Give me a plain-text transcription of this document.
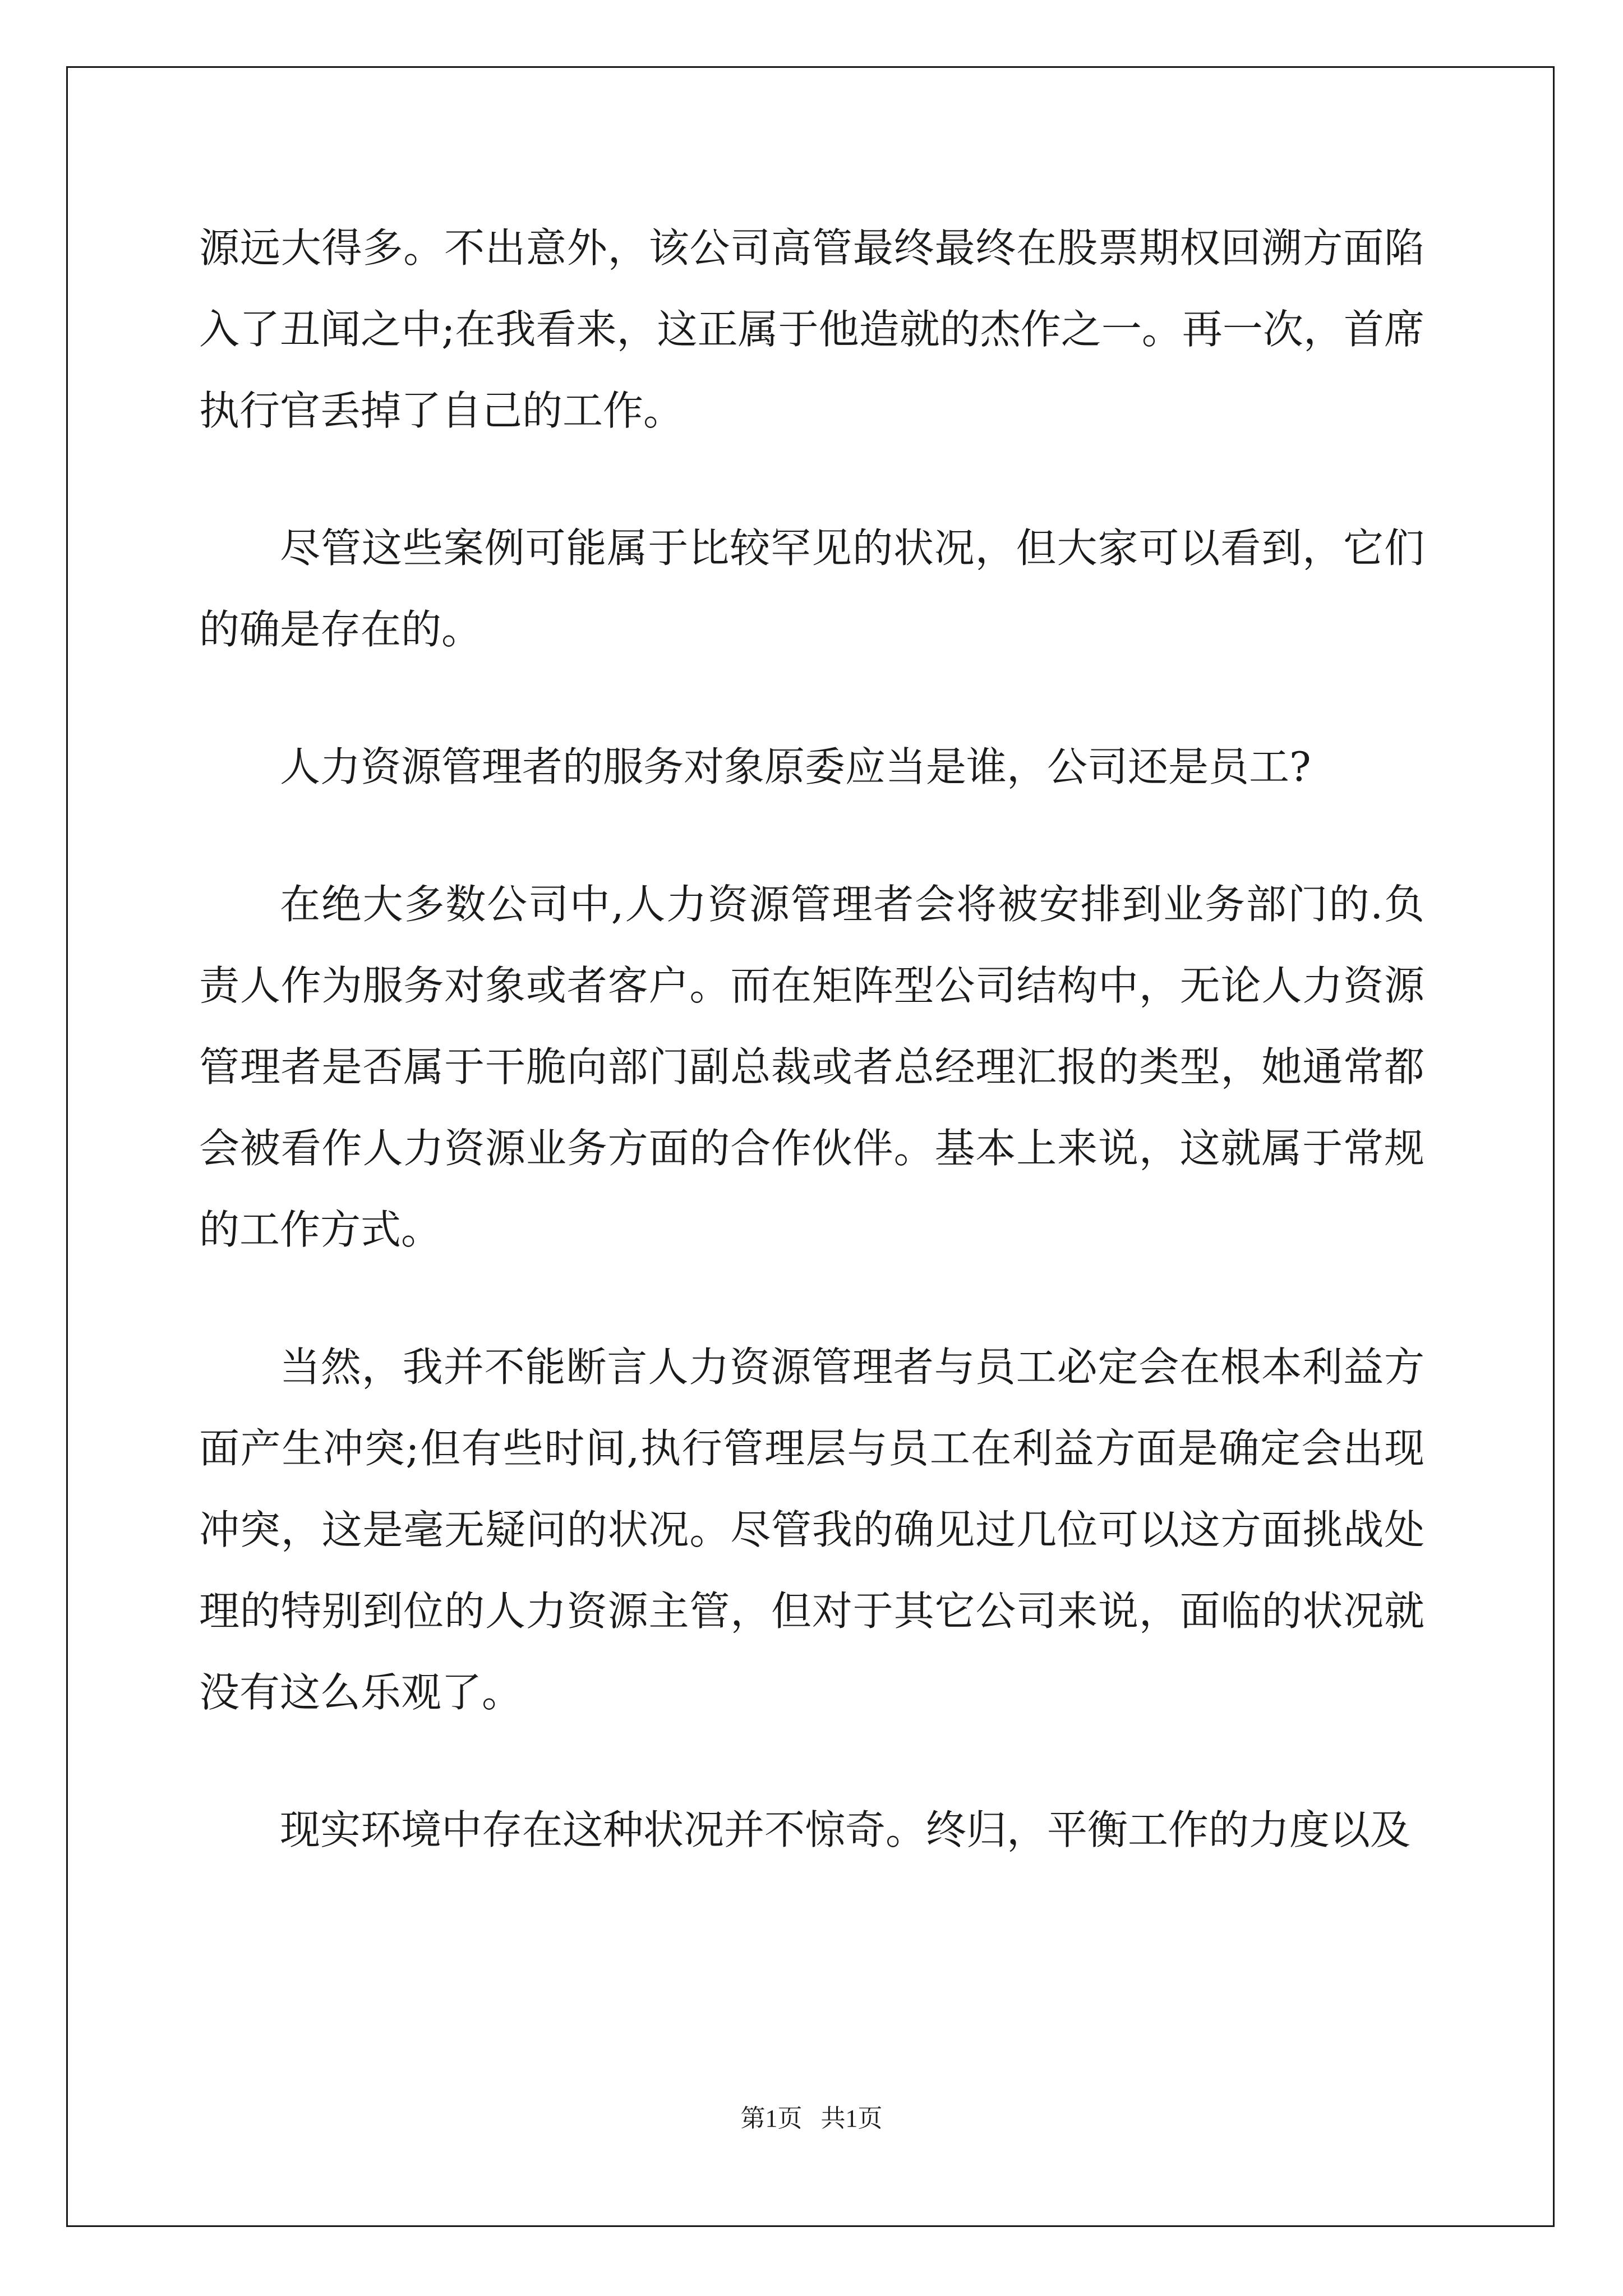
源远大得多。不出意外，该公司高管最终最终在股票期权回溯方面陷入了丑闻之中;在我看来，这正属于他造就的杰作之一。再一次，首席执行官丢掉了自己的工作。

尽管这些案例可能属于比较罕见的状况，但大家可以看到，它们的确是存在的。

人力资源管理者的服务对象原委应当是谁，公司还是员工?

在绝大多数公司中,人力资源管理者会将被安排到业务部门的.负责人作为服务对象或者客户。而在矩阵型公司结构中，无论人力资源管理者是否属于干脆向部门副总裁或者总经理汇报的类型，她通常都会被看作人力资源业务方面的合作伙伴。基本上来说，这就属于常规的工作方式。

当然，我并不能断言人力资源管理者与员工必定会在根本利益方面产生冲突;但有些时间,执行管理层与员工在利益方面是确定会出现冲突，这是毫无疑问的状况。尽管我的确见过几位可以这方面挑战处理的特别到位的人力资源主管，但对于其它公司来说，面临的状况就没有这么乐观了。

现实环境中存在这种状况并不惊奇。终归，平衡工作的力度以及

第1页   共1页
